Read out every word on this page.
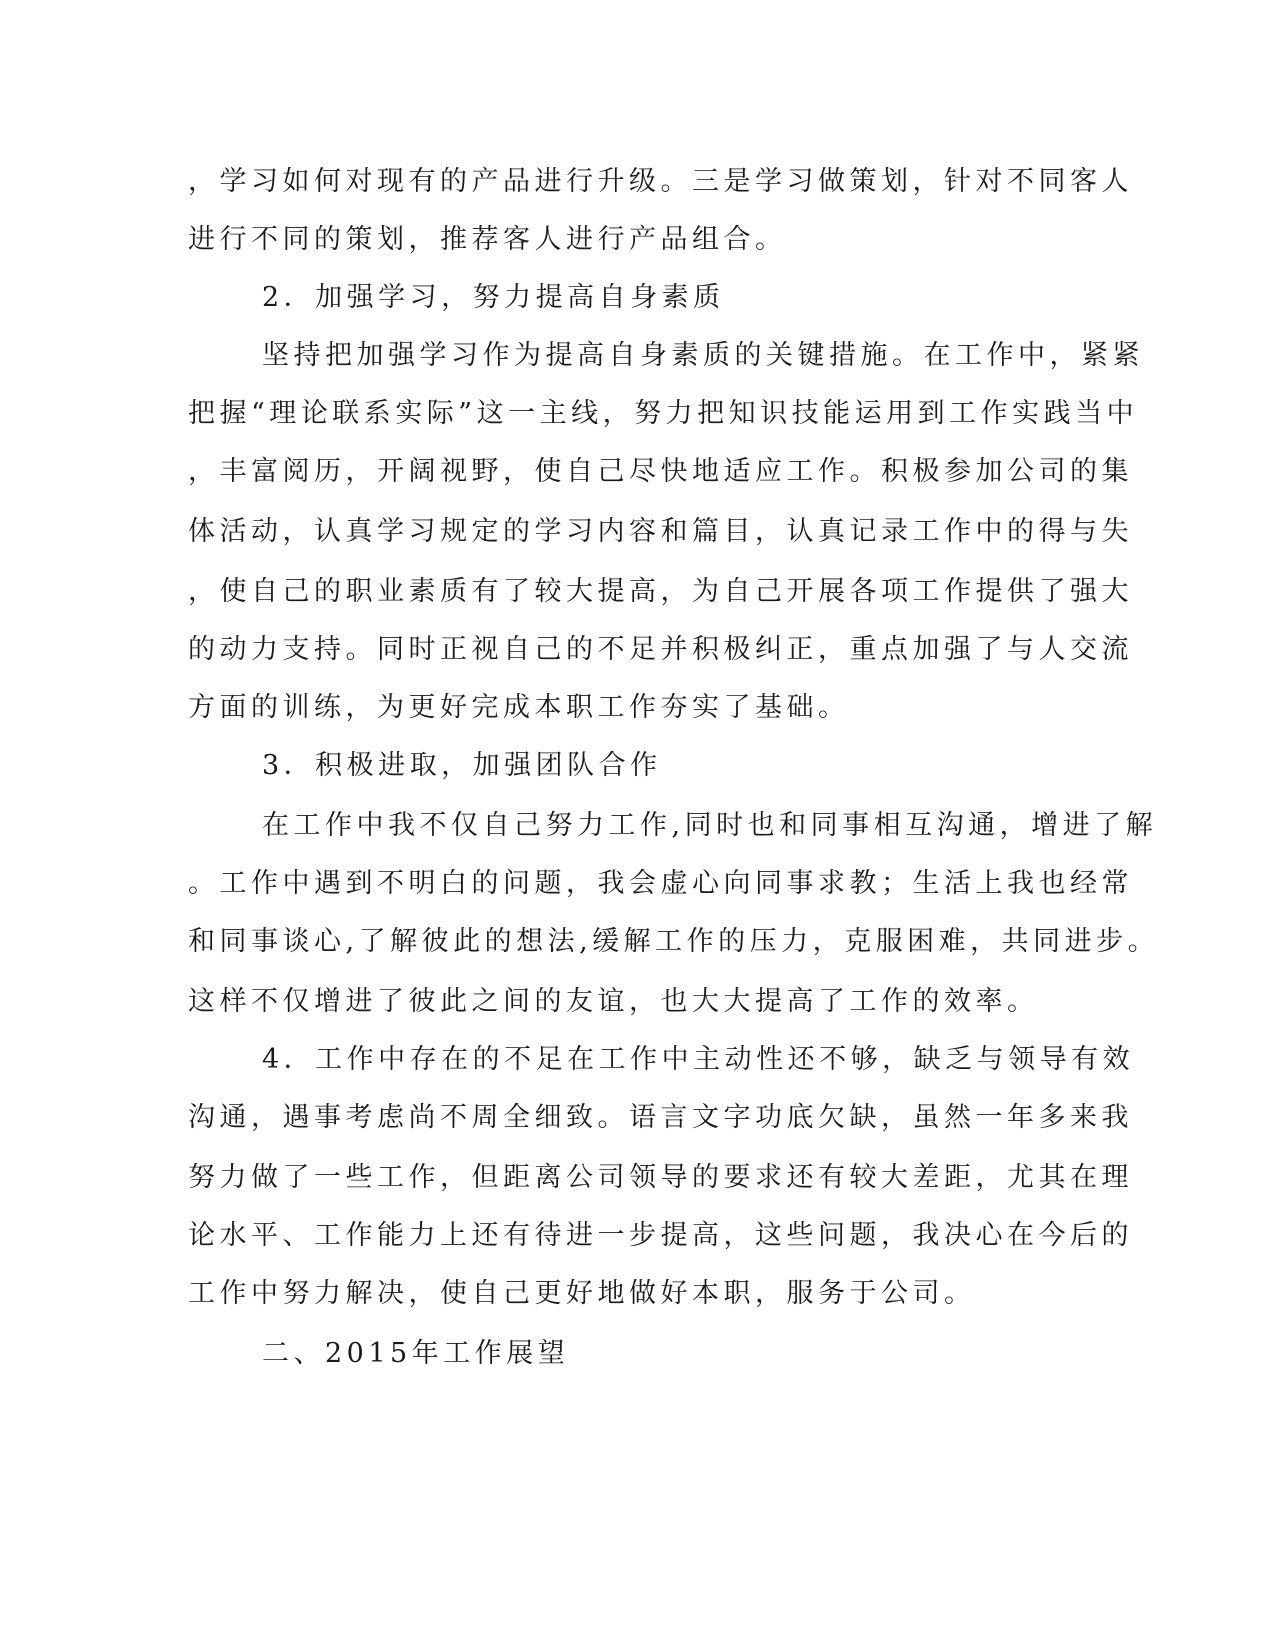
，学习如何对现有的产品进行升级。三是学习做策划，针对不同客人
进行不同的策划，推荐客人进行产品组合。
2．加强学习，努力提高自身素质
坚持把加强学习作为提高自身素质的关键措施。在工作中，紧紧
把握“理论联系实际”这一主线，努力把知识技能运用到工作实践当中
，丰富阅历，开阔视野，使自己尽快地适应工作。积极参加公司的集
体活动，认真学习规定的学习内容和篇目，认真记录工作中的得与失
，使自己的职业素质有了较大提高，为自己开展各项工作提供了强大
的动力支持。同时正视自己的不足并积极纠正，重点加强了与人交流
方面的训练，为更好完成本职工作夯实了基础。
3．积极进取，加强团队合作
在工作中我不仅自己努力工作,同时也和同事相互沟通，增进了解
。工作中遇到不明白的问题，我会虚心向同事求教；生活上我也经常
和同事谈心,了解彼此的想法,缓解工作的压力，克服困难，共同进步。
这样不仅增进了彼此之间的友谊，也大大提高了工作的效率。
4．工作中存在的不足在工作中主动性还不够，缺乏与领导有效
沟通，遇事考虑尚不周全细致。语言文字功底欠缺，虽然一年多来我
努力做了一些工作，但距离公司领导的要求还有较大差距，尤其在理
论水平、工作能力上还有待进一步提高，这些问题，我决心在今后的
工作中努力解决，使自己更好地做好本职，服务于公司。
二、2015年工作展望
